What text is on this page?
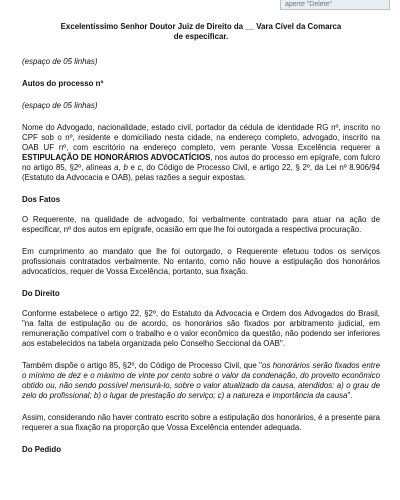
aperte "Delete"
Excelentíssimo Senhor Doutor Juiz de Direito da __ Vara Cível da Comarca
de especificar.
(espaço de 05 linhas)
Autos do processo nº
(espaço de 05 linhas)
Nome do Advogado, nacionalidade, estado civil, portador da cédula de identidade RG nº, inscrito no CPF sob o nº, residente e domiciliado nesta cidade, na endereço completo, advogado, inscrito na OAB UF nº, com escritório na endereço completo, vem perante Vossa Excelência requerer a ESTIPULAÇÃO DE HONORÁRIOS ADVOCATÍCIOS, nos autos do processo em epígrafe, com fulcro no artigo 85, §2º, alíneas a, b e c, do Código de Processo Civil, e artigo 22, § 2º, da Lei nº 8.906/94 (Estatuto da Advocacia e OAB), pelas razões a seguir expostas.
Dos Fatos
O Requerente, na qualidade de advogado, foi verbalmente contratado para atuar na ação de especificar, nº dos autos em epígrafe, ocasião em que lhe foi outorgada a respectiva procuração.
Em cumprimento ao mandato que lhe foi outorgado, o Requerente efetuou todos os serviços profissionais contratados verbalmente. No entanto, como não houve a estipulação dos honorários advocatícios, requer de Vossa Excelência, portanto, sua fixação.
Do Direito
Conforme estabelece o artigo 22, §2º, do Estatuto da Advocacia e Ordem dos Advogados do Brasil, "na falta de estipulação ou de acordo, os honorários são fixados por arbitramento judicial, em remuneração compatível com o trabalho e o valor econômico da questão, não podendo ser inferiores aos estabelecidos na tabela organizada pelo Conselho Seccional da OAB".
Também dispõe o artigo 85, §2º, do Código de Processo Civil, que "os honorários serão fixados entre o mínimo de dez e o máximo de vinte por cento sobre o valor da condenação, do proveito econômico obtido ou, não sendo possível mensurá-lo, sobre o valor atualizado da causa, atendidos: a) o grau de zelo do profissional; b) o lugar de prestação do serviço; c) a natureza e importância da causa".
Assim, considerando não haver contrato escrito sobre a estipulação dos honorários, é a presente para requerer a sua fixação na proporção que Vossa Excelência entender adequada.
Do Pedido
